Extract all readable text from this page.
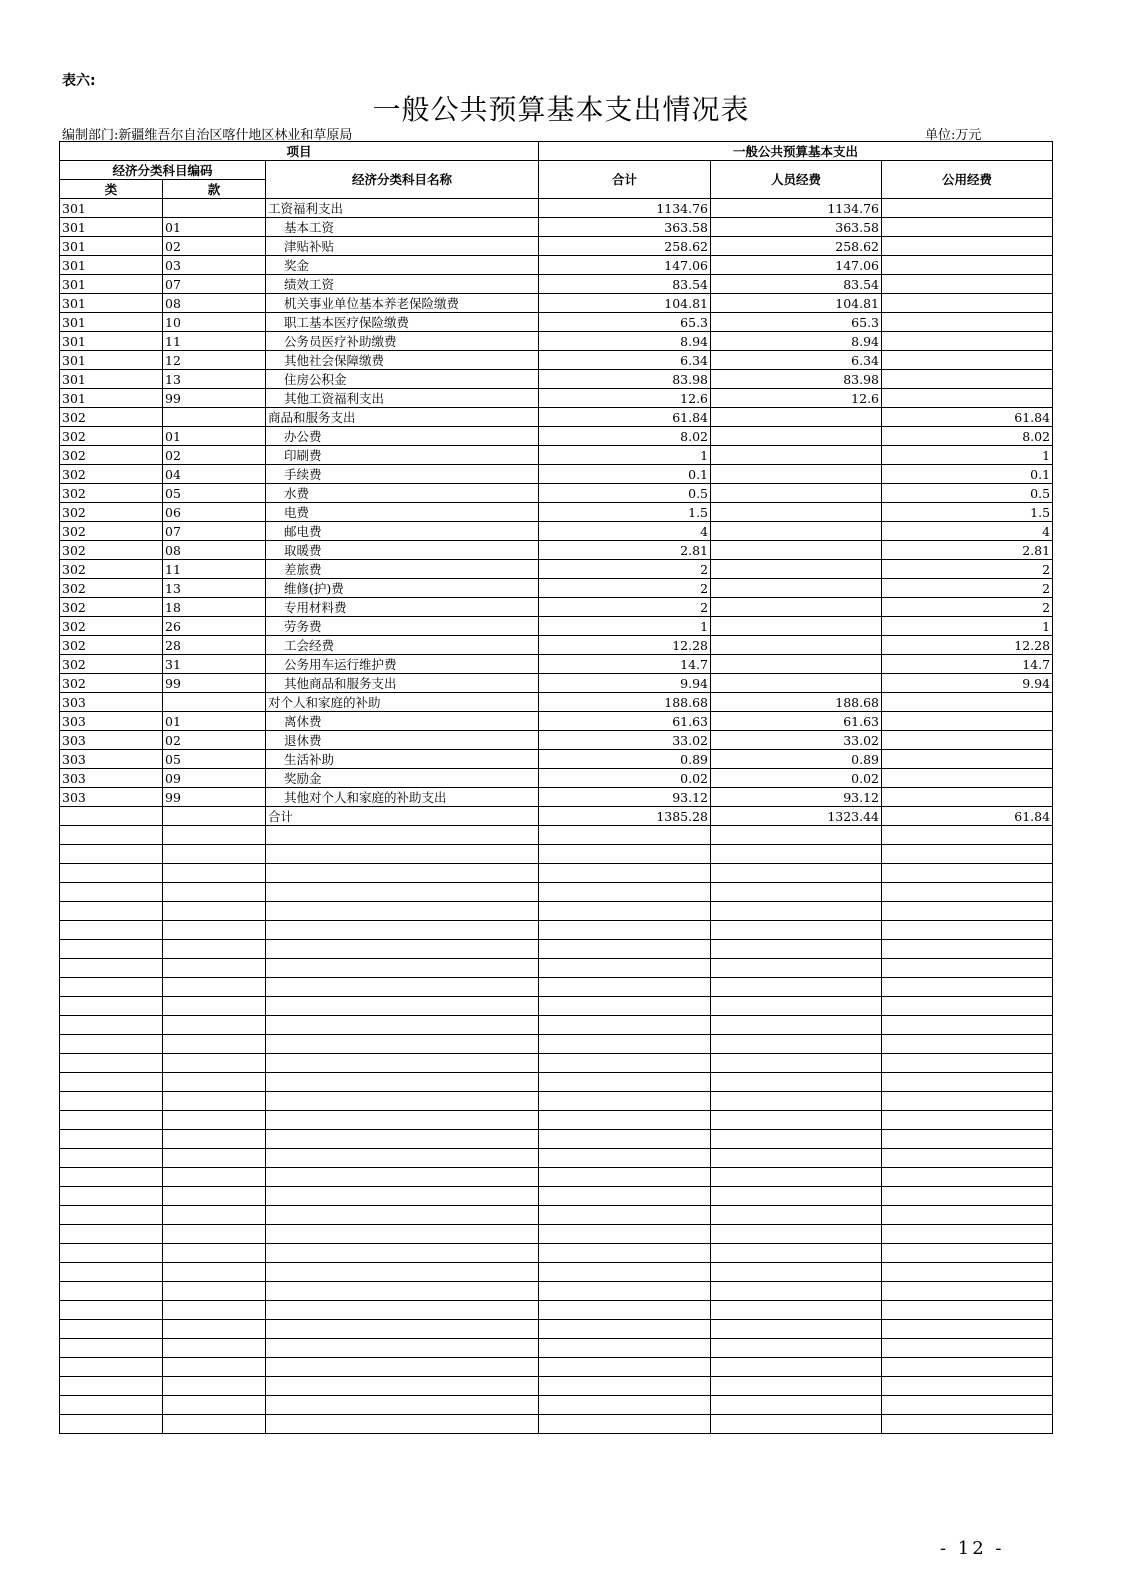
表六:
一般公共预算基本支出情况表
编制部门:新疆维吾尔自治区喀什地区林业和草原局	单位:万元
项目			一般公共预算基本支出		
经济分类科目编码		经济分类科目名称	合计	人员经费	公用经费
类	款				
301		工资福利支出	1134.76	1134.76	
301	01	基本工资	363.58	363.58	
301	02	津贴补贴	258.62	258.62	
301	03	奖金	147.06	147.06	
301	07	绩效工资	83.54	83.54	
301	08	机关事业单位基本养老保险缴费	104.81	104.81	
301	10	职工基本医疗保险缴费	65.3	65.3	
301	11	公务员医疗补助缴费	8.94	8.94	
301	12	其他社会保障缴费	6.34	6.34	
301	13	住房公积金	83.98	83.98	
301	99	其他工资福利支出	12.6	12.6	
302		商品和服务支出	61.84		61.84
302	01	办公费	8.02		8.02
302	02	印刷费	1		1
302	04	手续费	0.1		0.1
302	05	水费	0.5		0.5
302	06	电费	1.5		1.5
302	07	邮电费	4		4
302	08	取暖费	2.81		2.81
302	11	差旅费	2		2
302	13	维修(护)费	2		2
302	18	专用材料费	2		2
302	26	劳务费	1		1
302	28	工会经费	12.28		12.28
302	31	公务用车运行维护费	14.7		14.7
302	99	其他商品和服务支出	9.94		9.94
303		对个人和家庭的补助	188.68	188.68	
303	01	离休费	61.63	61.63	
303	02	退休费	33.02	33.02	
303	05	生活补助	0.89	0.89	
303	09	奖励金	0.02	0.02	
303	99	其他对个人和家庭的补助支出	93.12	93.12	
		合计	1385.28	1323.44	61.84

- 12 -
